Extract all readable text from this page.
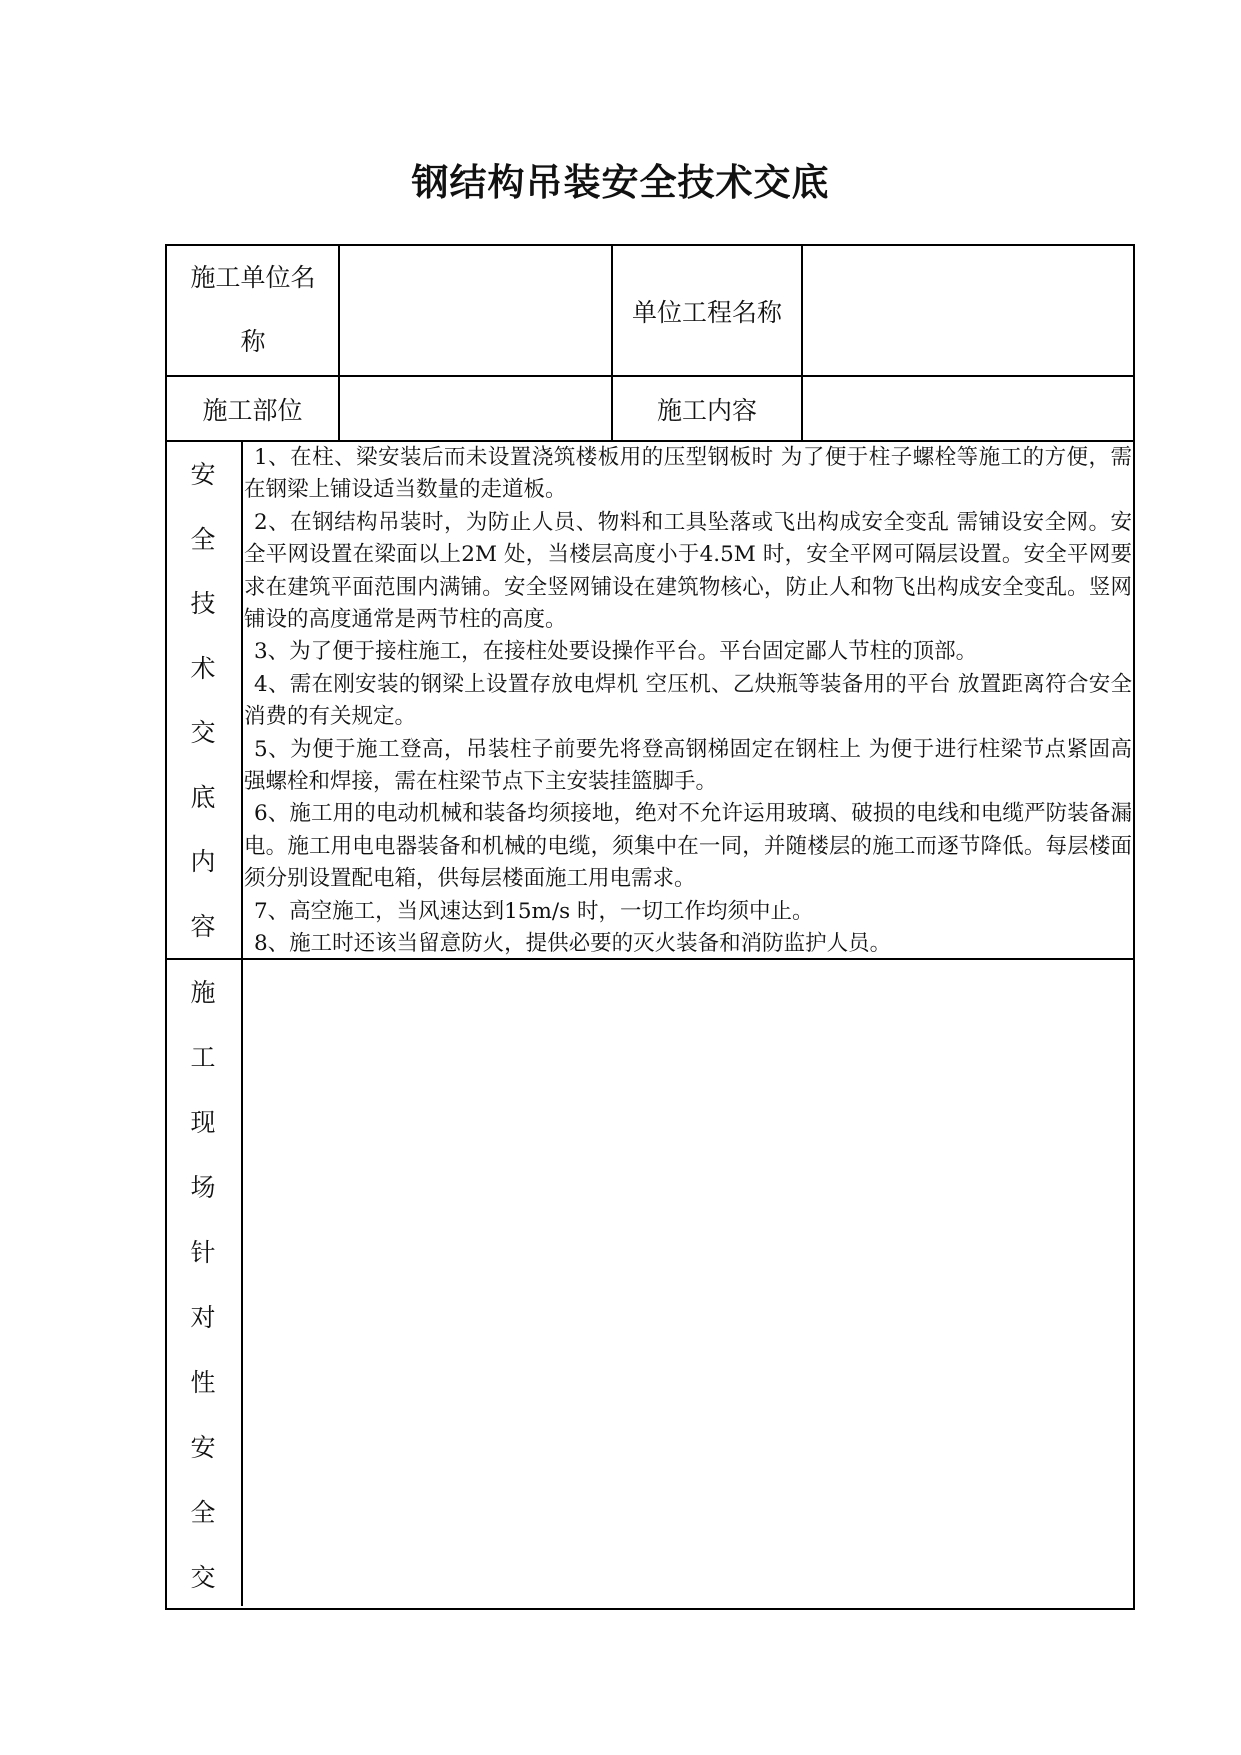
钢结构吊装安全技术交底
施工单位名称
单位工程名称
施工部位	施工内容
安
全
技
术
交
底
内
容

1、在柱、梁安装后而未设置浇筑楼板用的压型钢板时 为了便于柱子螺栓等施工的方便，需在钢梁上铺设适当数量的走道板。

2、在钢结构吊装时，为防止人员、物料和工具坠落或飞出构成安全变乱 需铺设安全网。安全平网设置在梁面以上2M 处，当楼层高度小于4.5M 时，安全平网可隔层设置。安全平网要求在建筑平面范围内满铺。安全竖网铺设在建筑物核心，防止人和物飞出构成安全变乱。竖网铺设的高度通常是两节柱的高度。

3、为了便于接柱施工，在接柱处要设操作平台。平台固定鄙人节柱的顶部。

4、需在刚安装的钢梁上设置存放电焊机 空压机、乙炔瓶等装备用的平台 放置距离符合安全消费的有关规定。

5、为便于施工登高，吊装柱子前要先将登高钢梯固定在钢柱上 为便于进行柱梁节点紧固高强螺栓和焊接，需在柱梁节点下主安装挂篮脚手。

6、施工用的电动机械和装备均须接地，绝对不允许运用玻璃、破损的电线和电缆严防装备漏电。施工用电电器装备和机械的电缆，须集中在一同，并随楼层的施工而逐节降低。每层楼面须分别设置配电箱，供每层楼面施工用电需求。

7、高空施工，当风速达到15m/s 时，一切工作均须中止。

8、施工时还该当留意防火，提供必要的灭火装备和消防监护人员。

施
工
现
场
针
对
性
安
全
交
